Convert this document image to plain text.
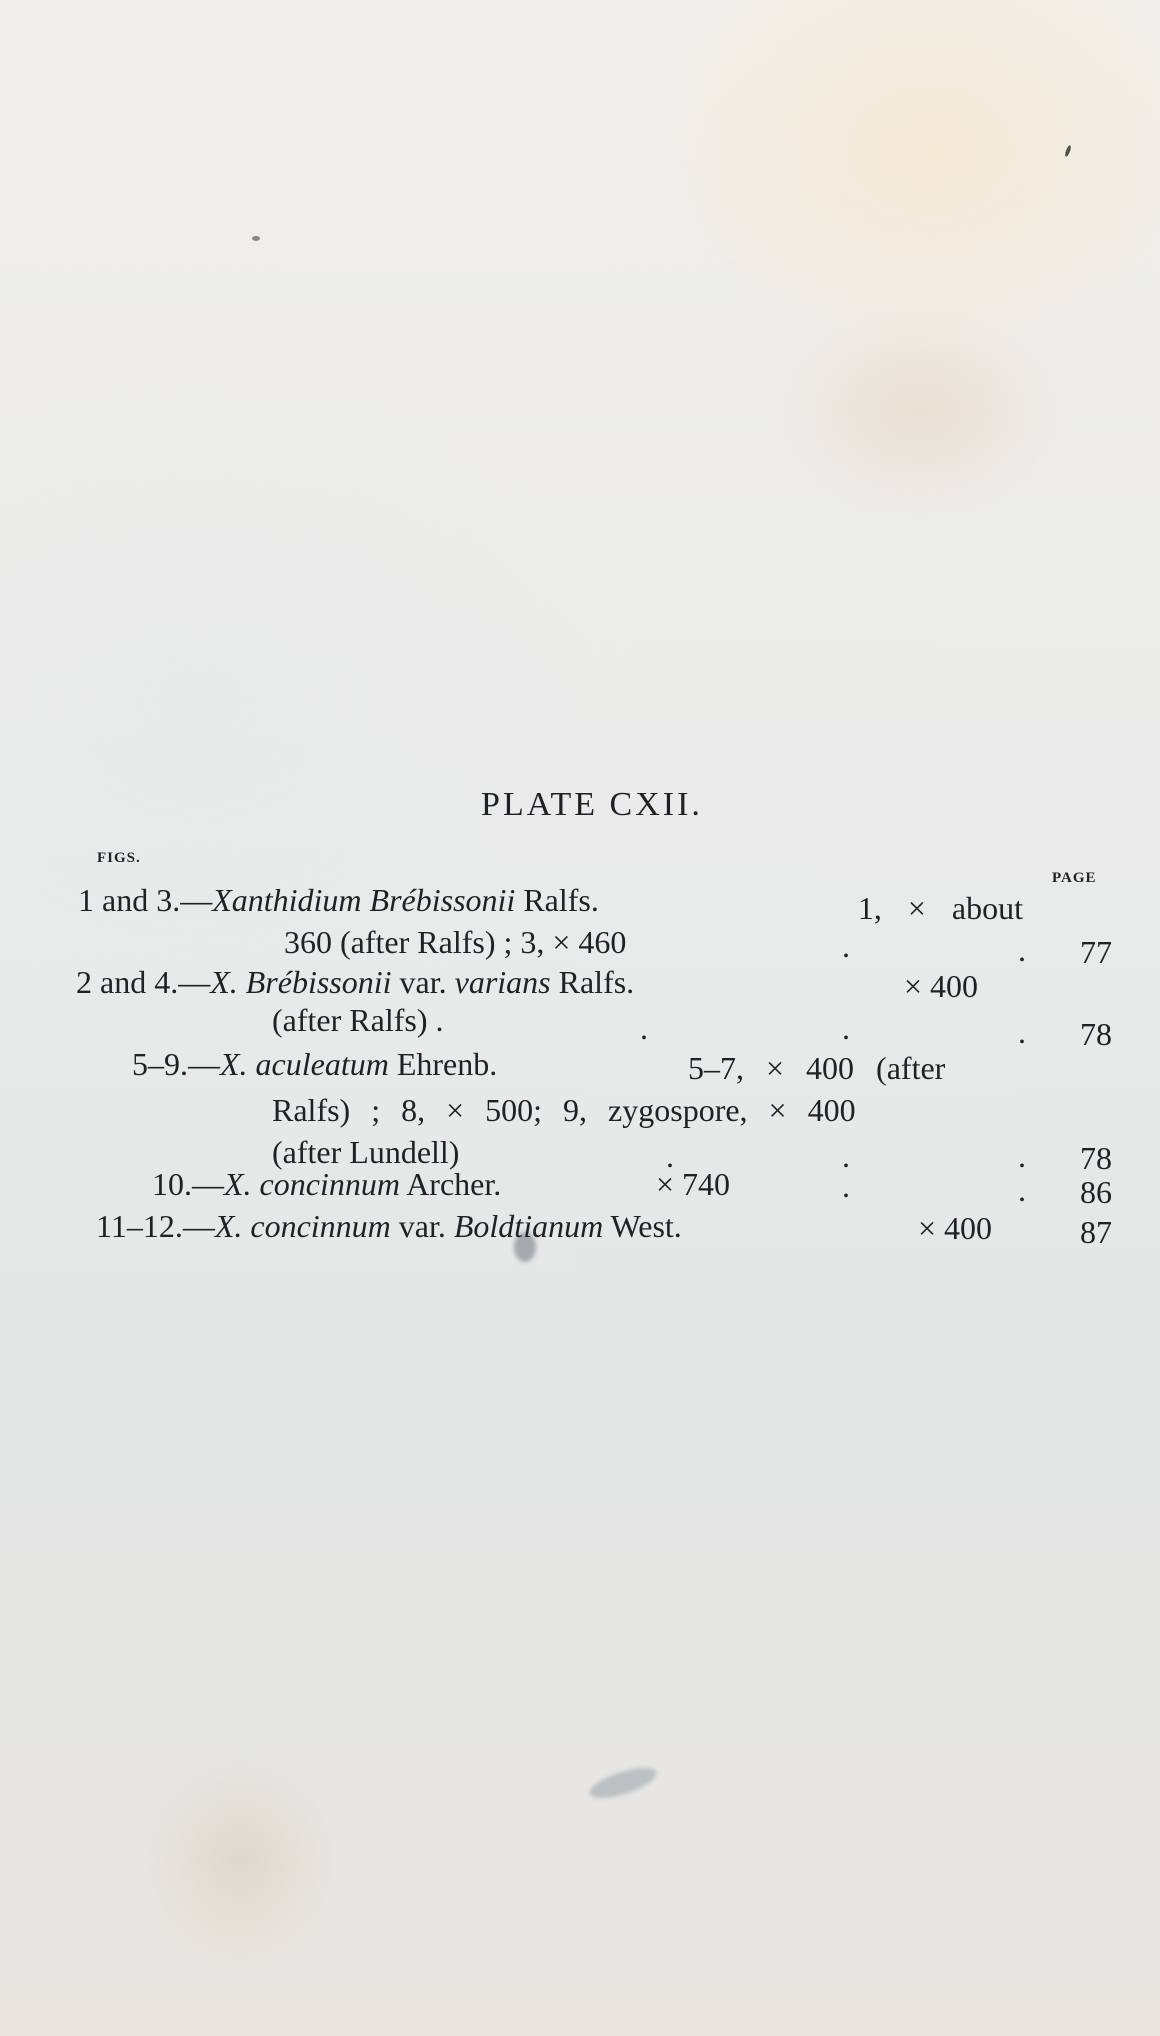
PLATE CXII.
FIGS.
PAGE
1 and 3.—Xanthidium Brébissonii Ralfs.	1, × about
360 (after Ralfs) ; 3, × 460	.	.	77
2 and 4.—X. Brébissonii var. varians Ralfs.	× 400
(after Ralfs) .	.	.	.	78
5–9.—X. aculeatum Ehrenb.	5–7, × 400 (after
Ralfs) ; 8, × 500; 9, zygospore, × 400
(after Lundell)	.	.	.	78
10.—X. concinnum Archer.	× 740	.	.	86
11–12.—X. concinnum var. Boldtianum West.	× 400	87
